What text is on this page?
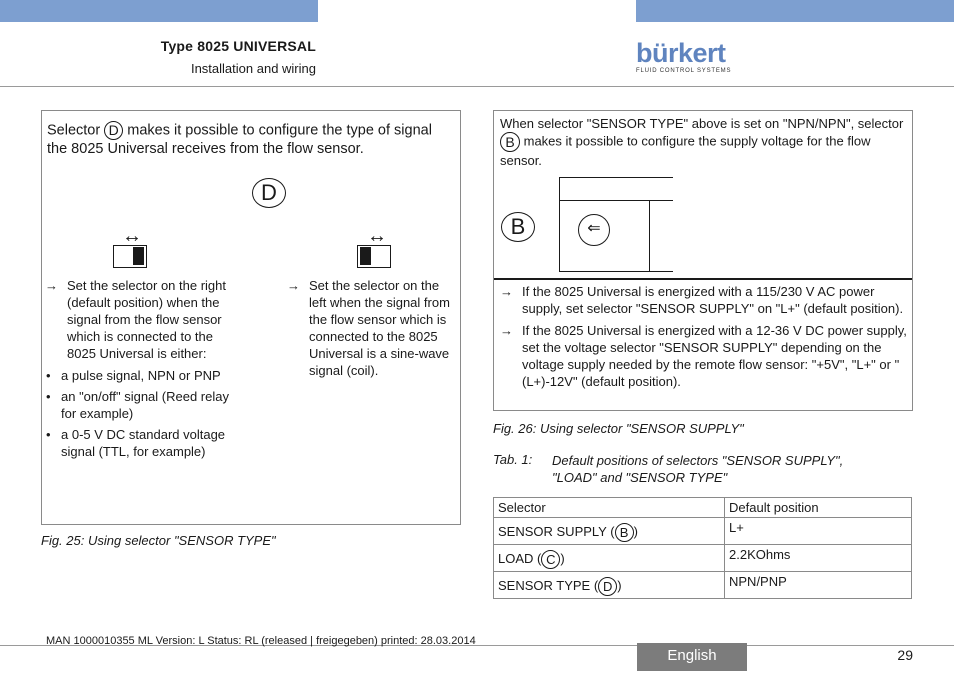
Type 8025 UNIVERSAL
Installation and wiring
bürkert
FLUID CONTROL SYSTEMS
Selector D makes it possible to configure the type of signal the 8025 Universal receives from the flow sensor.
D
↔	↔
→ Set the selector on the right (default position) when the signal from the flow sensor which is connected to the 8025 Universal is either:
• a pulse signal, NPN or PNP
• an "on/off" signal (Reed relay for example)
• a 0-5 V DC standard voltage signal (TTL, for example)
→ Set the selector on the left when the signal from the flow sensor which is connected to the 8025 Universal is a sine-wave signal (coil).
Fig. 25: Using selector "SENSOR TYPE"
When selector "SENSOR TYPE" above is set on "NPN/NPN", selector B makes it possible to configure the supply voltage for the flow sensor.
B	⇐
→ If the 8025 Universal is energized with a 115/230 V AC power supply, set selector "SENSOR SUPPLY" on "L+" (default position).
→ If the 8025 Universal is energized with a 12-36 V DC power supply, set the voltage selector "SENSOR SUPPLY" depending on the voltage supply needed by the remote flow sensor: "+5V", "L+" or "(L+)-12V" (default position).
Fig. 26: Using selector "SENSOR SUPPLY"
Tab. 1: Default positions of selectors "SENSOR SUPPLY", "LOAD" and "SENSOR TYPE"
Selector	Default position
SENSOR SUPPLY ( B )	L+
LOAD ( C )	2.2KOhms
SENSOR TYPE ( D )	NPN/PNP
MAN 1000010355 ML Version: L Status: RL (released | freigegeben) printed: 28.03.2014
English	29
